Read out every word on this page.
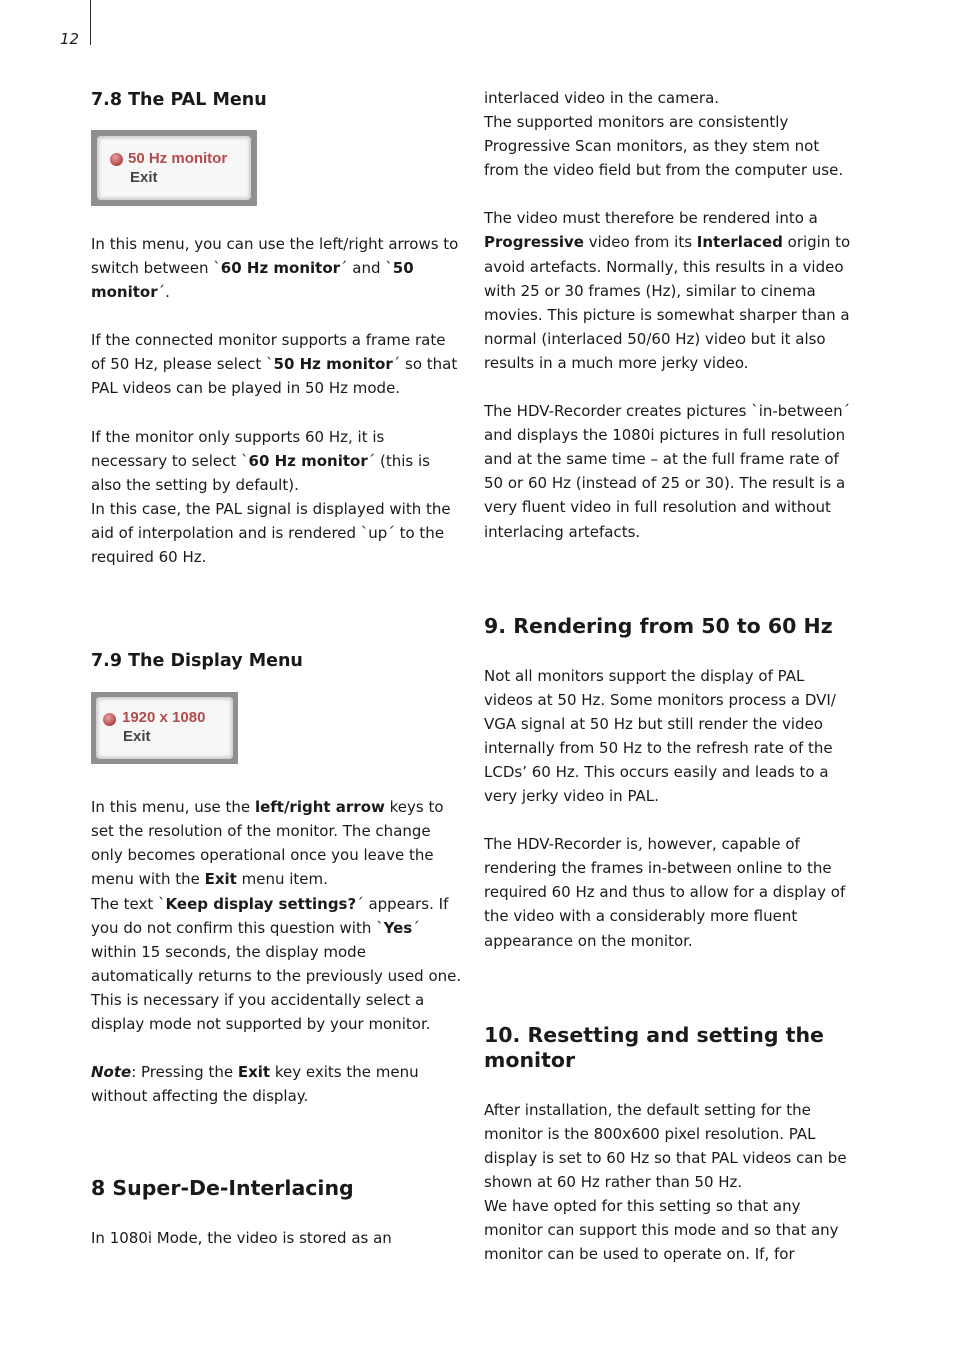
12
7.8 The PAL Menu
50 Hz monitor
Exit

In this menu, you can use the left/right arrows to switch between `60 Hz monitor´ and `50 monitor´.

If the connected monitor supports a frame rate of 50 Hz, please select `50 Hz monitor´ so that PAL videos can be played in 50 Hz mode.

If the monitor only supports 60 Hz, it is necessary to select `60 Hz monitor´ (this is also the setting by default).

In this case, the PAL signal is displayed with the aid of interpolation and is rendered `up´ to the required 60 Hz.

7.9 The Display Menu
1920 x 1080
Exit

In this menu, use the left/right arrow keys to set the resolution of the monitor. The change only becomes operational once you leave the menu with the Exit menu item.

The text `Keep display settings?´ appears. If you do not confirm this question with `Yes´ within 15 seconds, the display mode automatically returns to the previously used one. This is necessary if you accidentally select a display mode not supported by your monitor.

Note: Pressing the Exit key exits the menu without affecting the display.

8 Super-De-Interlacing

In 1080i Mode, the video is stored as an

interlaced video in the camera.

The supported monitors are consistently Progressive Scan monitors, as they stem not from the video field but from the computer use.

The video must therefore be rendered into a Progressive video from its Interlaced origin to avoid artefacts. Normally, this results in a video with 25 or 30 frames (Hz), similar to cinema movies. This picture is somewhat sharper than a normal (interlaced 50/60 Hz) video but it also results in a much more jerky video.

The HDV-Recorder creates pictures `in-between´ and displays the 1080i pictures in full resolution and at the same time – at the full frame rate of 50 or 60 Hz (instead of 25 or 30). The result is a very fluent video in full resolution and without interlacing artefacts.

9. Rendering from 50 to 60 Hz

Not all monitors support the display of PAL videos at 50 Hz. Some monitors process a DVI/ VGA signal at 50 Hz but still render the video internally from 50 Hz to the refresh rate of the LCDs’ 60 Hz. This occurs easily and leads to a very jerky video in PAL.

The HDV-Recorder is, however, capable of rendering the frames in-between online to the required 60 Hz and thus to allow for a display of the video with a considerably more fluent appearance on the monitor.

10. Resetting and setting the monitor

After installation, the default setting for the monitor is the 800x600 pixel resolution. PAL display is set to 60 Hz so that PAL videos can be shown at 60 Hz rather than 50 Hz.

We have opted for this setting so that any monitor can support this mode and so that any monitor can be used to operate on. If, for
